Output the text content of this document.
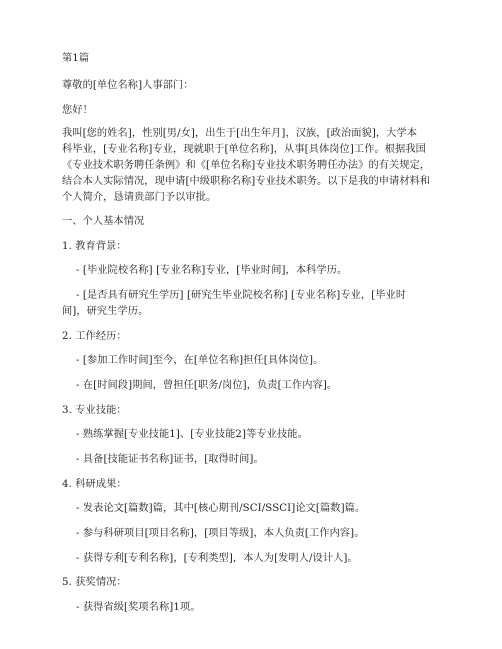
第1篇
尊敬的[单位名称]人事部门：
您好！
我叫[您的姓名]，性别[男/女]，出生于[出生年月]，汉族，[政治面貌]，大学本
科毕业，[专业名称]专业，现就职于[单位名称]，从事[具体岗位]工作。根据我国
《专业技术职务聘任条例》和《[单位名称]专业技术职务聘任办法》的有关规定，
结合本人实际情况，现申请[中级职称名称]专业技术职务。以下是我的申请材料和
个人简介，恳请贵部门予以审批。
一、个人基本情况
1. 教育背景：
- [毕业院校名称] [专业名称]专业，[毕业时间]，本科学历。
- [是否具有研究生学历] [研究生毕业院校名称] [专业名称]专业，[毕业时
间]，研究生学历。
2. 工作经历：
- [参加工作时间]至今，在[单位名称]担任[具体岗位]。
- 在[时间段]期间，曾担任[职务/岗位]，负责[工作内容]。
3. 专业技能：
- 熟练掌握[专业技能1]、[专业技能2]等专业技能。
- 具备[技能证书名称]证书，[取得时间]。
4. 科研成果：
- 发表论文[篇数]篇，其中[核心期刊/SCI/SSCI]论文[篇数]篇。
- 参与科研项目[项目名称]，[项目等级]，本人负责[工作内容]。
- 获得专利[专利名称]，[专利类型]，本人为[发明人/设计人]。
5. 获奖情况：
- 获得省级[奖项名称]1项。
